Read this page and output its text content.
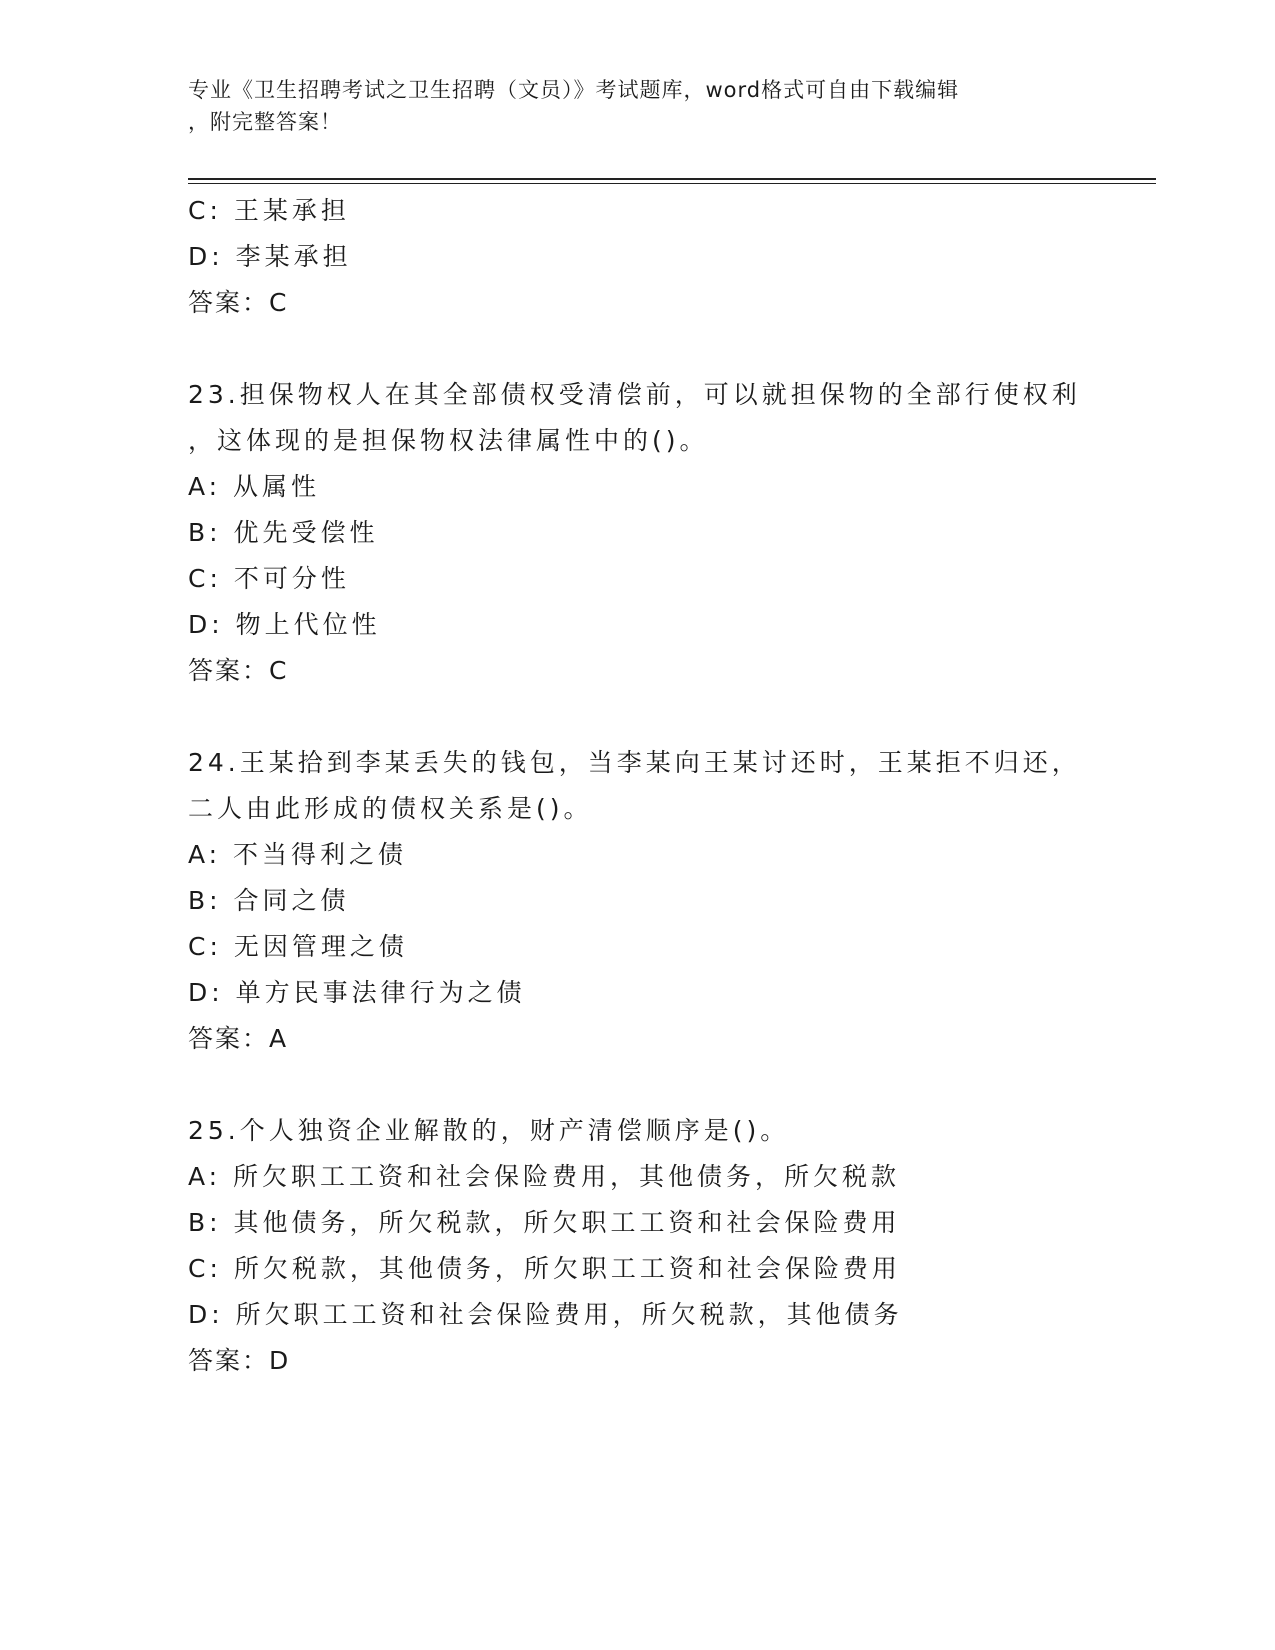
专业《卫生招聘考试之卫生招聘（文员）》考试题库，word格式可自由下载编辑
，附完整答案！
C: 王某承担
D: 李某承担
答案：C
23.担保物权人在其全部债权受清偿前，可以就担保物的全部行使权利
，这体现的是担保物权法律属性中的()。
A: 从属性
B: 优先受偿性
C: 不可分性
D: 物上代位性
答案：C
24.王某拾到李某丢失的钱包，当李某向王某讨还时，王某拒不归还，
二人由此形成的债权关系是()。
A: 不当得利之债
B: 合同之债
C: 无因管理之债
D: 单方民事法律行为之债
答案：A
25.个人独资企业解散的，财产清偿顺序是()。
A: 所欠职工工资和社会保险费用，其他债务，所欠税款
B: 其他债务，所欠税款，所欠职工工资和社会保险费用
C: 所欠税款，其他债务，所欠职工工资和社会保险费用
D: 所欠职工工资和社会保险费用，所欠税款，其他债务
答案：D
